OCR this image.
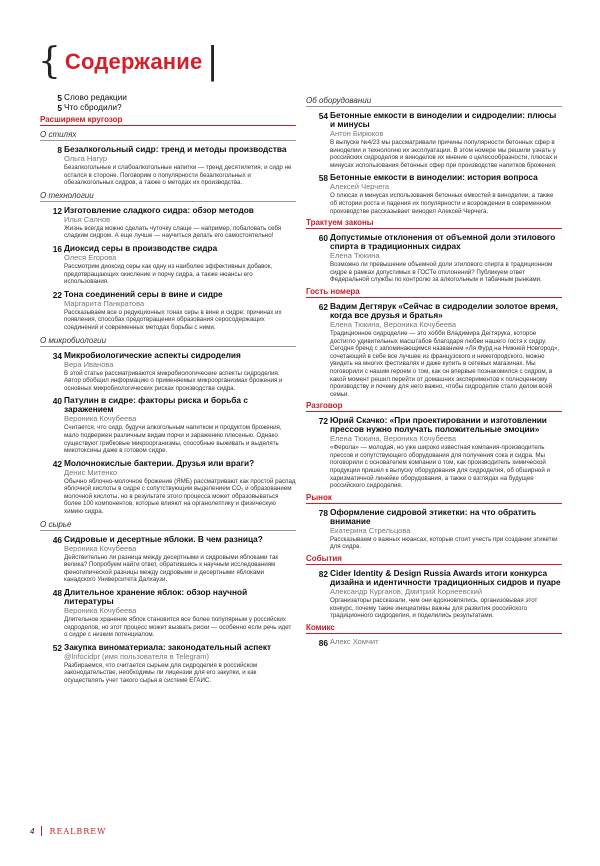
{ Содержание |
5 Слово редакции
5 Что сбродили?
Расширяем кругозор
О стилях
8 Безалкогольный сидр: тренд и методы производства
Ольга Нагур
Безалкогольные и слабоалкогольные напитки — тренд десятилетия, и сидр не остался в стороне. Поговорим о популярности безалкогольных и обезалкогольных сидров, а также о методах их производства.
О технологии
12 Изготовление сладкого сидра: обзор методов
Илья Салнов
Жизнь всегда можно сделать чуточку слаще — например, побаловать себя сладким сидром. А еще лучше — научиться делать его самостоятельно!
16 Диоксид серы в производстве сидра
Олеся Егорова
Рассмотрим диоксид серы как одну из наиболее эффективных добавок, предотвращающих окисление и порчу сидра, а также нюансы его использования.
22 Тона соединений серы в вине и сидре
Маргарита Панкратова
Рассказываем все о редукционных тонах серы в вине и сидре: причинах их появления, способах предотвращения образования серосодержащих соединений и современных методах борьбы с ними.
О микробиологии
34 Микробиологические аспекты сидроделия
Вера Иванова
В этой статье рассматриваются микробиологические аспекты сидроделия. Автор обобщил информацию о применяемых микроорганизмах брожения и основных микробиологических рисках производства сидра.
40 Патулин в сидре: факторы риска и борьба с заражением
Вероника Кочубеева
Считается, что сидр, будучи алкогольным напитком и продуктом брожения, мало подвержен различным видам порчи и заражению плесенью. Однако существуют грибковые микроорганизмы, способные выживать и выделять микотоксины даже в готовом сидре.
42 Молочнокислые бактерии. Друзья или враги?
Денис Митенко
Обычно яблочно-молочное брожение (ЯМБ) рассматривают как простой распад яблочной кислоты в сидре с сопутствующим выделением CO₂ и образованием молочной кислоты, но в результате этого процесса может образовываться более 100 компонентов, которые влияют на органолептику и физическую химию сидра.
О сырье
46 Сидровые и десертные яблоки. В чем разница?
Вероника Кочубеева
Действительно ли разница между десертными и сидровыми яблоками так велика? Попробуем найти ответ, обратившись к научным исследованиям фенотипической разницы между сидровыми и десертными яблоками канадского Университета Далхаузи.
48 Длительное хранение яблок: обзор научной литературы
Вероника Кочубеева
Длительное хранение яблок становится все более популярным у российских сидроделов, но этот процесс может вызвать риски — особенно если речь идет о сидре с низким потенциалом.
52 Закупка виноматериала: законодательный аспект
@lnfocidpr (имя пользователя в Telegram)
Разбираемся, что считается сырьем для сидроделия в российском законодательстве, необходимы ли лицензии для его закупки, и как осуществлять учет такого сырья в системе ЕГАИС.
Об оборудовании
54 Бетонные емкости в виноделии и сидроделии: плюсы и минусы
Антон Бирюков
В выпуске №4/23 мы рассматривали причины популярности бетонных сфер в виноделии и технологию их эксплуатации. В этом номере мы решили узнать у российских сидроделов и виноделов их мнение о целесообразности, плюсах и минусах использования бетонных сфер при производстве напитков брожения.
58 Бетонные емкости в виноделии: история вопроса
Алексей Черчега
О плюсах и минусах использования бетонных емкостей в виноделии, а также об истории роста и падения их популярности и возрождении в современном производстве рассказывает винодел Алексей Черчега.
Трактуем законы
60 Допустимые отклонения от объемной доли этилового спирта в традиционных сидрах
Елена Тюкина
Возможно ли превышение объемной доли этилового спирта в традиционном сидре в рамках допустимых в ГОСТе отклонений? Публикуем ответ Федеральной службы по контролю за алкогольным и табачным рынками.
Гость номера
62 Вадим Дегтярук «Сейчас в сидроделии золотое время, когда все друзья и братья»
Елена Тюкина, Вероника Кочубеева
Традиционное сидроделие — это хобби Владимира Дегтярука, которое достигло удивительных масштабов благодаря любви нашего гостя к сидру. Сегодня бренд с запоминающимся названием «Ля Фурд на Нижней Новгород», сочетающий в себе все лучшее из французского и нижегородского, можно увидеть на многих фестивалях и даже купить в сетевых магазинах. Мы поговорили с нашим героем о том, как он впервые познакомился с сидром, в какой момент решил перейти от домашних экспериментов к полноценному производству и почему для него важно, чтобы сидроделие стало делом всей семьи.
Разговор
72 Юрий Скачко: «При проектировании и изготовлении прессов нужно получать положительные эмоции»
Елена Тюкина, Вероника Кочубеева
«Ферола» — молодая, но уже широко известная компания-производитель прессов и сопутствующего оборудования для получения сока и сидра. Мы поговорили с основателем компании о том, как производитель химической продукции пришел к выпуску оборудования для сидроделия, об обширной и харизматичной линейке оборудования, а также о взглядах на будущее российского сидроделия.
Рынок
78 Оформление сидровой этикетки: на что обратить внимание
Екатерина Стрельцова
Рассказываем о важных нюансах, которые стоит учесть при создании этикетки для сидра.
События
82 Cider Identity & Design Russia Awards итоги конкурса дизайна и идентичности традиционных сидров и пуаре
Александр Курганов, Дмитрий Корнеевский
Организаторы рассказали, чем они вдохновлялись, организовывая этот конкурс, почему такие инициативы важны для развития российского традиционного сидроделия, и поделились результатами.
Комикс
86 Алекс Хомчит
4 REALBREW
